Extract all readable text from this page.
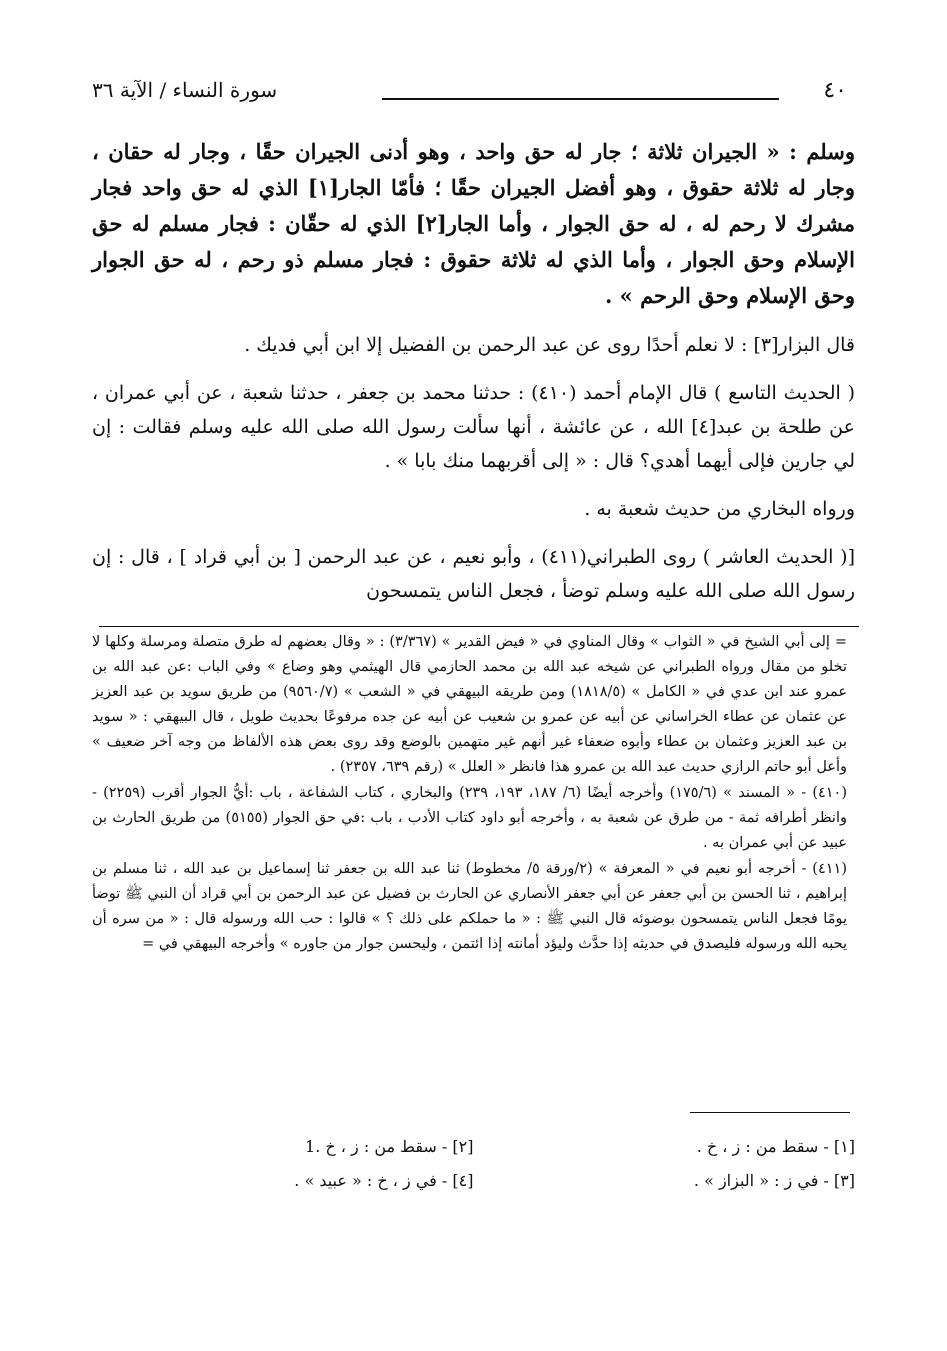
٤٠
سورة النساء / الآية ٣٦

وسلم : « الجيران ثلاثة ؛ جار له حق واحد ، وهو أدنى الجيران حقًا ، وجار له حقان ، وجار له ثلاثة حقوق ، وهو أفضل الجيران حقًا ؛ فأمّا الجار[١] الذي له حق واحد فجار مشرك لا رحم له ، له حق الجوار ، وأما الجار[٢] الذي له حقّان : فجار مسلم له حق الإسلام وحق الجوار ، وأما الذي له ثلاثة حقوق : فجار مسلم ذو رحم ، له حق الجوار وحق الإسلام وحق الرحم » .

قال البزار[٣] : لا نعلم أحدًا روى عن عبد الرحمن بن الفضيل إلا ابن أبي فديك .

( الحديث التاسع ) قال الإمام أحمد (٤١٠) : حدثنا محمد بن جعفر ، حدثنا شعبة ، عن أبي عمران ، عن طلحة بن عبد[٤] الله ، عن عائشة ، أنها سألت رسول الله صلى الله عليه وسلم فقالت : إن لي جارين فإلى أيهما أهدي؟ قال : « إلى أقربهما منك بابا » .

ورواه البخاري من حديث شعبة به .

[( الحديث العاشر ) روى الطبراني(٤١١) ، وأبو نعيم ، عن عبد الرحمن [ بن أبي قراد ] ، قال : إن رسول الله صلى الله عليه وسلم توضأ ، فجعل الناس يتمسحون

= إلى أبي الشيخ في « الثواب » وقال المناوي في « فيض القدير » (٣/٣٦٧) : « وقال بعضهم له طرق متصلة ومرسلة وكلها لا تخلو من مقال ورواه الطبراني عن شيخه عبد الله بن محمد الحازمي قال الهيثمي وهو وضاع » وفي الباب :عن عبد الله بن عمرو عند ابن عدي في « الكامل » (١٨١٨/٥) ومن طريقه البيهقي في « الشعب » (٩٥٦٠/٧) من طريق سويد بن عبد العزيز عن عثمان عن عطاء الخراساني عن أبيه عن عمرو بن شعيب عن أبيه عن جده مرفوعًا بحديث طويل ، قال البيهقي : « سويد بن عبد العزيز وعثمان بن عطاء وأبوه ضعفاء غير أنهم غير متهمين بالوضع وقد روى بعض هذه الألفاظ من وجه آخر ضعيف » وأعل أبو حاتم الرازي حديث عبد الله بن عمرو هذا فانظر « العلل » (رقم ٦٣٩، ٢٣٥٧) .

(٤١٠) - « المسند » (١٧٥/٦) وأخرجه أيضًا (٦/ ١٨٧، ١٩٣، ٢٣٩) والبخاري ، كتاب الشفاعة ، باب :أيُّ الجوار أقرب (٢٢٥٩) - وانظر أطرافه ثمة - من طرق عن شعبة به ، وأخرجه أبو داود كتاب الأدب ، باب :في حق الجوار (٥١٥٥) من طريق الحارث بن عبيد عن أبي عمران به .

(٤١١) - أخرجه أبو نعيم في « المعرفة » (٢/ورقة ٥/ مخطوط) ثنا عبد الله بن جعفر ثنا إسماعيل بن عبد الله ، ثنا مسلم بن إبراهيم ، ثنا الحسن بن أبي جعفر عن أبي جعفر الأنصاري عن الحارث بن فضيل عن عبد الرحمن بن أبي قراد أن النبي ﷺ توضأ يومًا فجعل الناس يتمسحون بوضوئه قال النبي ﷺ : « ما حملكم على ذلك ؟ » قالوا : حب الله ورسوله قال : « من سره أن يحبه الله ورسوله فليصدق في حديثه إذا حدَّث وليؤد أمانته إذا ائتمن ، وليحسن جوار من جاوره » وأخرجه البيهقي في =

[١] - سقط من : ز ، خ .
[٢] - سقط من : ز ، خ .1
[٣] - في ز : « البزاز » .
[٤] - في ز ، خ : « عبيد » .
